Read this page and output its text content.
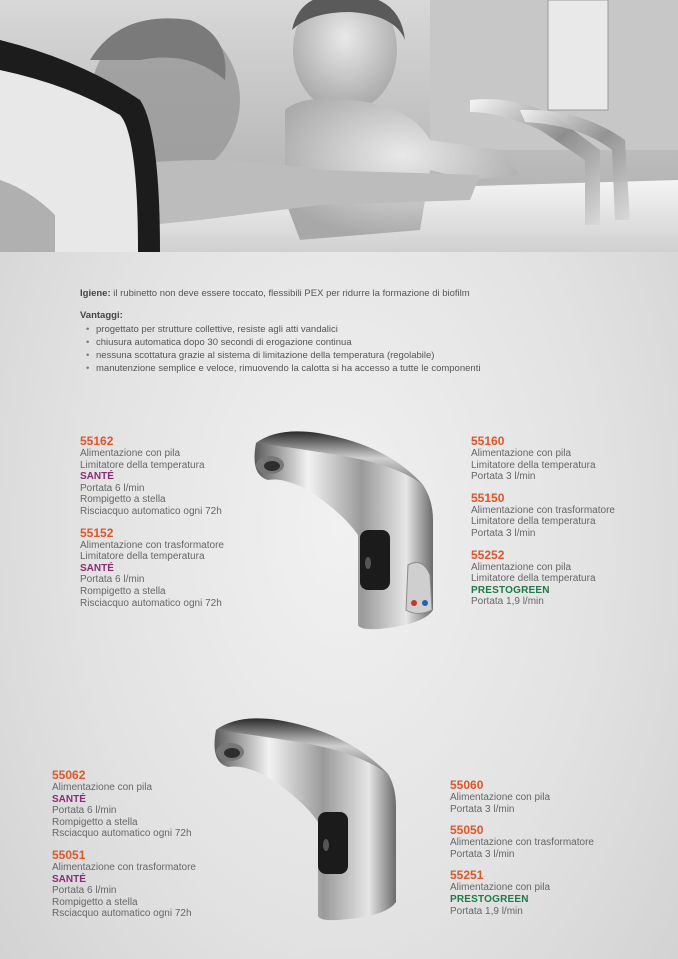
Igiene: il rubinetto non deve essere toccato, flessibili PEX per ridurre la formazione di biofilm
Vantaggi:
• progettato per strutture collettive, resiste agli atti vandalici
• chiusura automatica dopo 30 secondi di erogazione continua
• nessuna scottatura grazie al sistema di limitazione della temperatura (regolabile)
• manutenzione semplice e veloce, rimuovendo la calotta si ha accesso a tutte le componenti
55162
Alimentazione con pila
Limitatore della temperatura
SANTÉ
Portata 6 l/min
Rompigetto a stella
Risciacquo automatico ogni 72h
55152
Alimentazione con trasformatore
Limitatore della temperatura
SANTÉ
Portata 6 l/min
Rompigetto a stella
Risciacquo automatico ogni 72h
55160
Alimentazione con pila
Limitatore della temperatura
Portata 3 l/min
55150
Alimentazione con trasformatore
Limitatore della temperatura
Portata 3 l/min
55252
Alimentazione con pila
Limitatore della temperatura
PRESTOGREEN
Portata 1,9 l/min
55062
Alimentazione con pila
SANTÉ
Portata 6 l/min
Rompigetto a stella
Rsciacquo automatico ogni 72h
55051
Alimentazione con trasformatore
SANTÉ
Portata 6 l/min
Rompigetto a stella
Rsciacquo automatico ogni 72h
55060
Alimentazione con pila
Portata 3 l/min
55050
Alimentazione con trasformatore
Portata 3 l/min
55251
Alimentazione con pila
PRESTOGREEN
Portata 1,9 l/min
